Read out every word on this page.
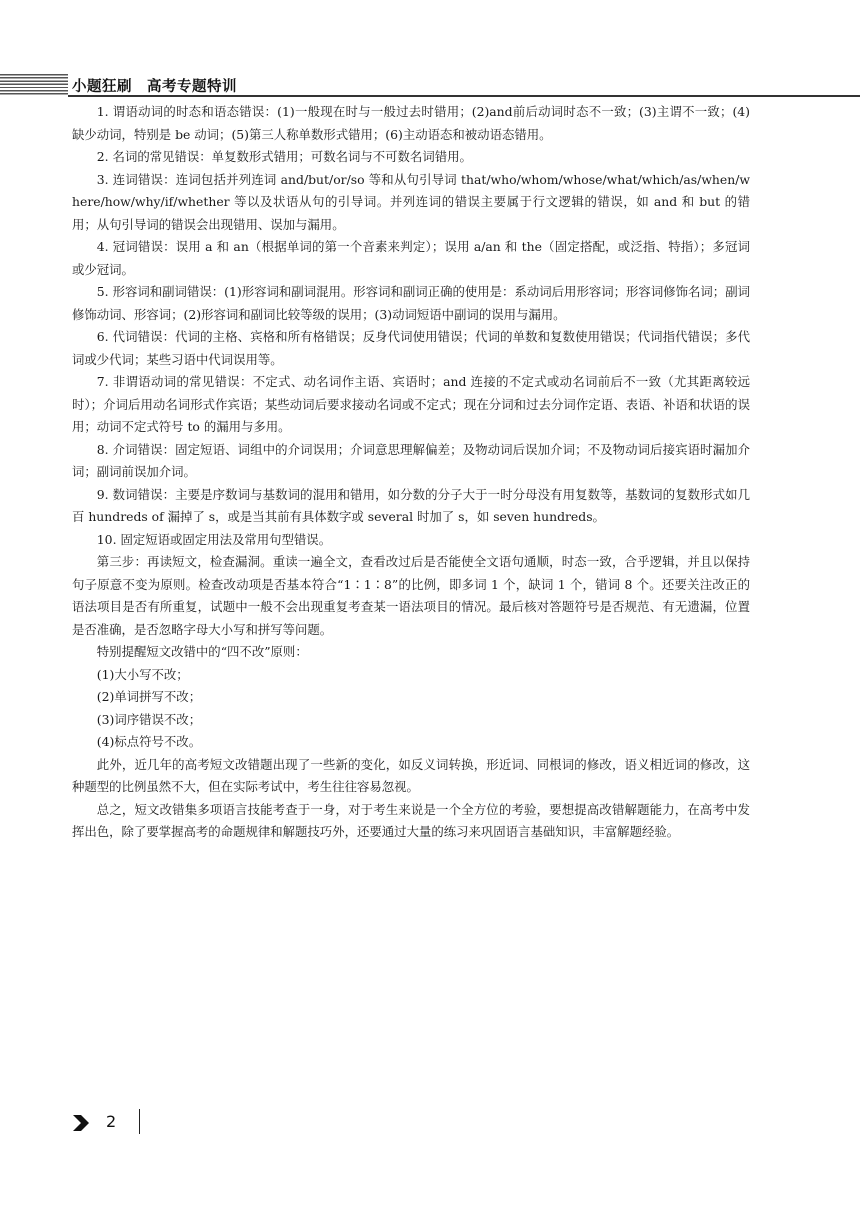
小题狂刷　高考专题特训

1. 谓语动词的时态和语态错误：(1)一般现在时与一般过去时错用；(2)and前后动词时态不一致；(3)主谓不一致；(4)缺少动词，特别是 be 动词；(5)第三人称单数形式错用；(6)主动语态和被动语态错用。

2. 名词的常见错误：单复数形式错用；可数名词与不可数名词错用。

3. 连词错误：连词包括并列连词 and/but/or/so 等和从句引导词 that/who/whom/whose/what/which/as/when/where/how/why/if/whether 等以及状语从句的引导词。并列连词的错误主要属于行文逻辑的错误，如 and 和 but 的错用；从句引导词的错误会出现错用、误加与漏用。

4. 冠词错误：误用 a 和 an（根据单词的第一个音素来判定）；误用 a/an 和 the（固定搭配，或泛指、特指）；多冠词或少冠词。

5. 形容词和副词错误：(1)形容词和副词混用。形容词和副词正确的使用是：系动词后用形容词；形容词修饰名词；副词修饰动词、形容词；(2)形容词和副词比较等级的误用；(3)动词短语中副词的误用与漏用。

6. 代词错误：代词的主格、宾格和所有格错误；反身代词使用错误；代词的单数和复数使用错误；代词指代错误；多代词或少代词；某些习语中代词误用等。

7. 非谓语动词的常见错误：不定式、动名词作主语、宾语时；and 连接的不定式或动名词前后不一致（尤其距离较远时）；介词后用动名词形式作宾语；某些动词后要求接动名词或不定式；现在分词和过去分词作定语、表语、补语和状语的误用；动词不定式符号 to 的漏用与多用。

8. 介词错误：固定短语、词组中的介词误用；介词意思理解偏差；及物动词后误加介词；不及物动词后接宾语时漏加介词；副词前误加介词。

9. 数词错误：主要是序数词与基数词的混用和错用，如分数的分子大于一时分母没有用复数等，基数词的复数形式如几百 hundreds of 漏掉了 s，或是当其前有具体数字或 several 时加了 s，如 seven hundreds。

10. 固定短语或固定用法及常用句型错误。

第三步：再读短文，检查漏洞。重读一遍全文，查看改过后是否能使全文语句通顺，时态一致，合乎逻辑，并且以保持句子原意不变为原则。检查改动项是否基本符合“1∶1∶8”的比例，即多词 1 个，缺词 1 个，错词 8 个。还要关注改正的语法项目是否有所重复，试题中一般不会出现重复考查某一语法项目的情况。最后核对答题符号是否规范、有无遗漏，位置是否准确，是否忽略字母大小写和拼写等问题。

特别提醒短文改错中的“四不改”原则：

(1)大小写不改；

(2)单词拼写不改；

(3)词序错误不改；

(4)标点符号不改。

此外，近几年的高考短文改错题出现了一些新的变化，如反义词转换，形近词、同根词的修改，语义相近词的修改，这种题型的比例虽然不大，但在实际考试中，考生往往容易忽视。

总之，短文改错集多项语言技能考查于一身，对于考生来说是一个全方位的考验，要想提高改错解题能力，在高考中发挥出色，除了要掌握高考的命题规律和解题技巧外，还要通过大量的练习来巩固语言基础知识，丰富解题经验。

2
